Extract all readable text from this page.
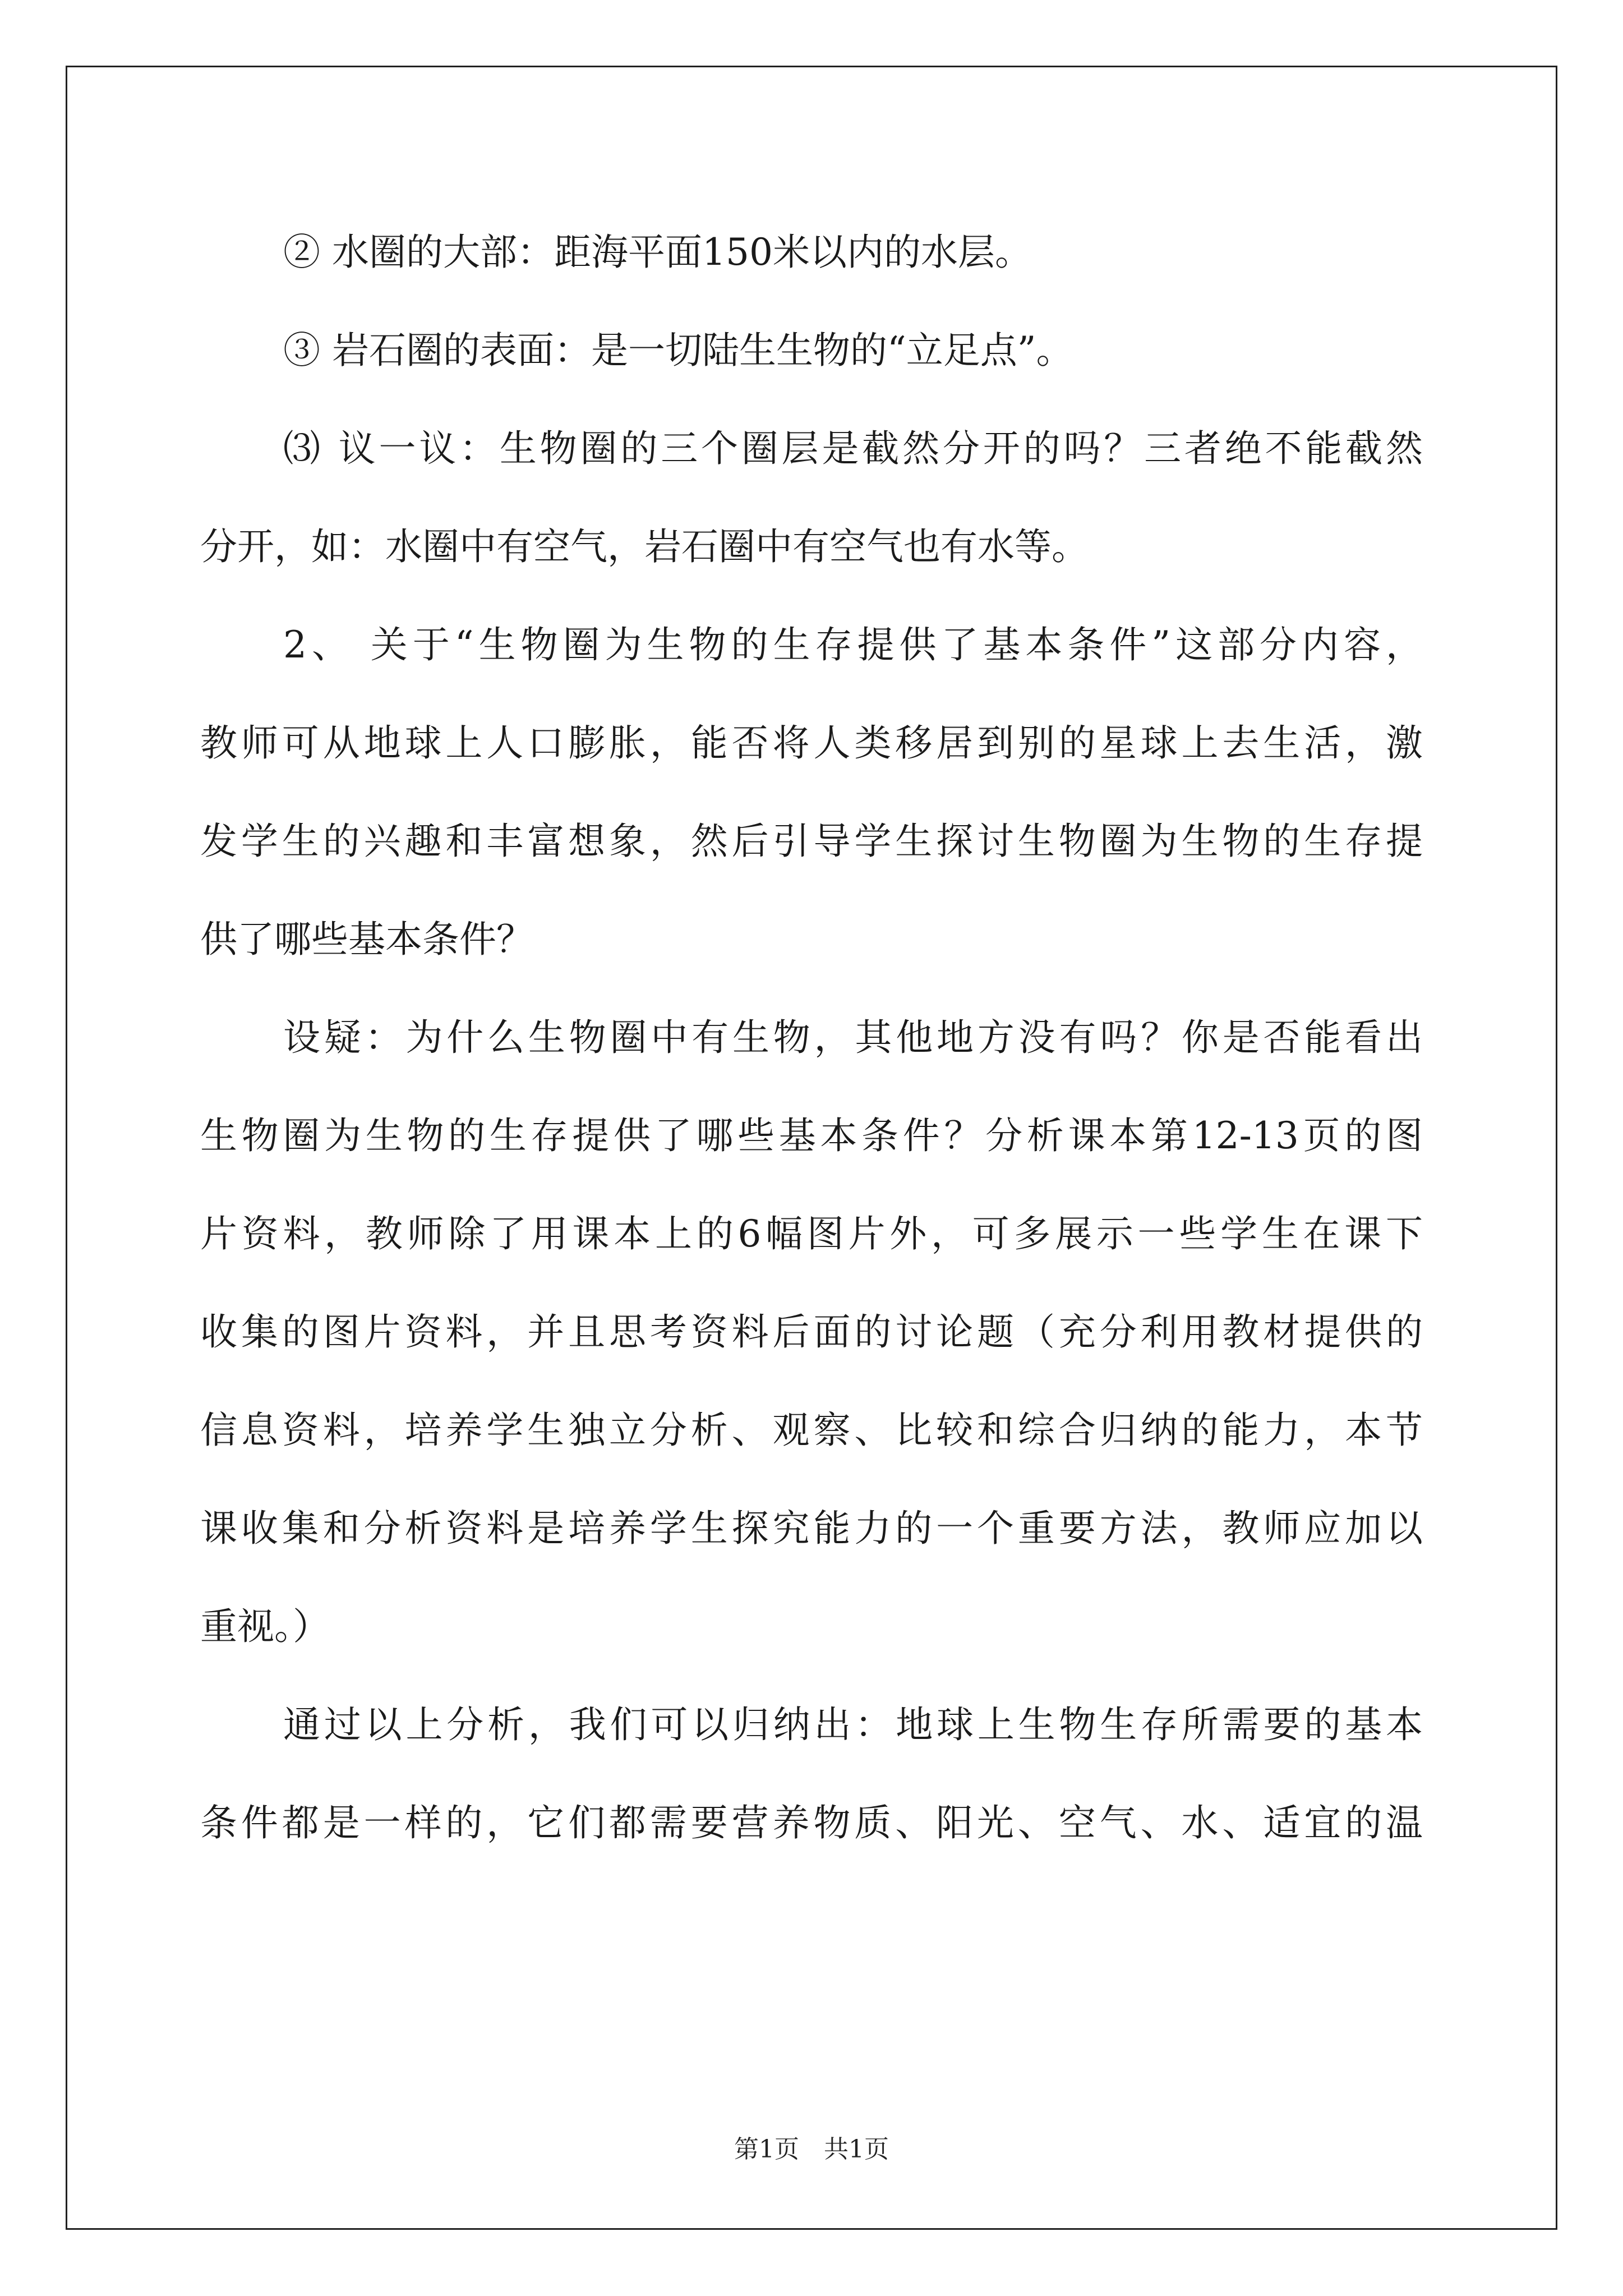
② 水圈的大部：距海平面150米以内的水层。
③ 岩石圈的表面：是一切陆生生物的“立足点”。
⑶ 议一议：生物圈的三个圈层是截然分开的吗？三者绝不能截然
分开，如：水圈中有空气，岩石圈中有空气也有水等。
2、 关于“生物圈为生物的生存提供了基本条件”这部分内容，
教师可从地球上人口膨胀，能否将人类移居到别的星球上去生活，激
发学生的兴趣和丰富想象，然后引导学生探讨生物圈为生物的生存提
供了哪些基本条件？
设疑：为什么生物圈中有生物，其他地方没有吗？你是否能看出
生物圈为生物的生存提供了哪些基本条件？分析课本第12-13页的图
片资料，教师除了用课本上的6幅图片外，可多展示一些学生在课下
收集的图片资料，并且思考资料后面的讨论题（充分利用教材提供的
信息资料，培养学生独立分析、观察、比较和综合归纳的能力，本节
课收集和分析资料是培养学生探究能力的一个重要方法，教师应加以
重视。）
通过以上分析，我们可以归纳出：地球上生物生存所需要的基本
条件都是一样的，它们都需要营养物质、阳光、空气、水、适宜的温
第1页　共1页
